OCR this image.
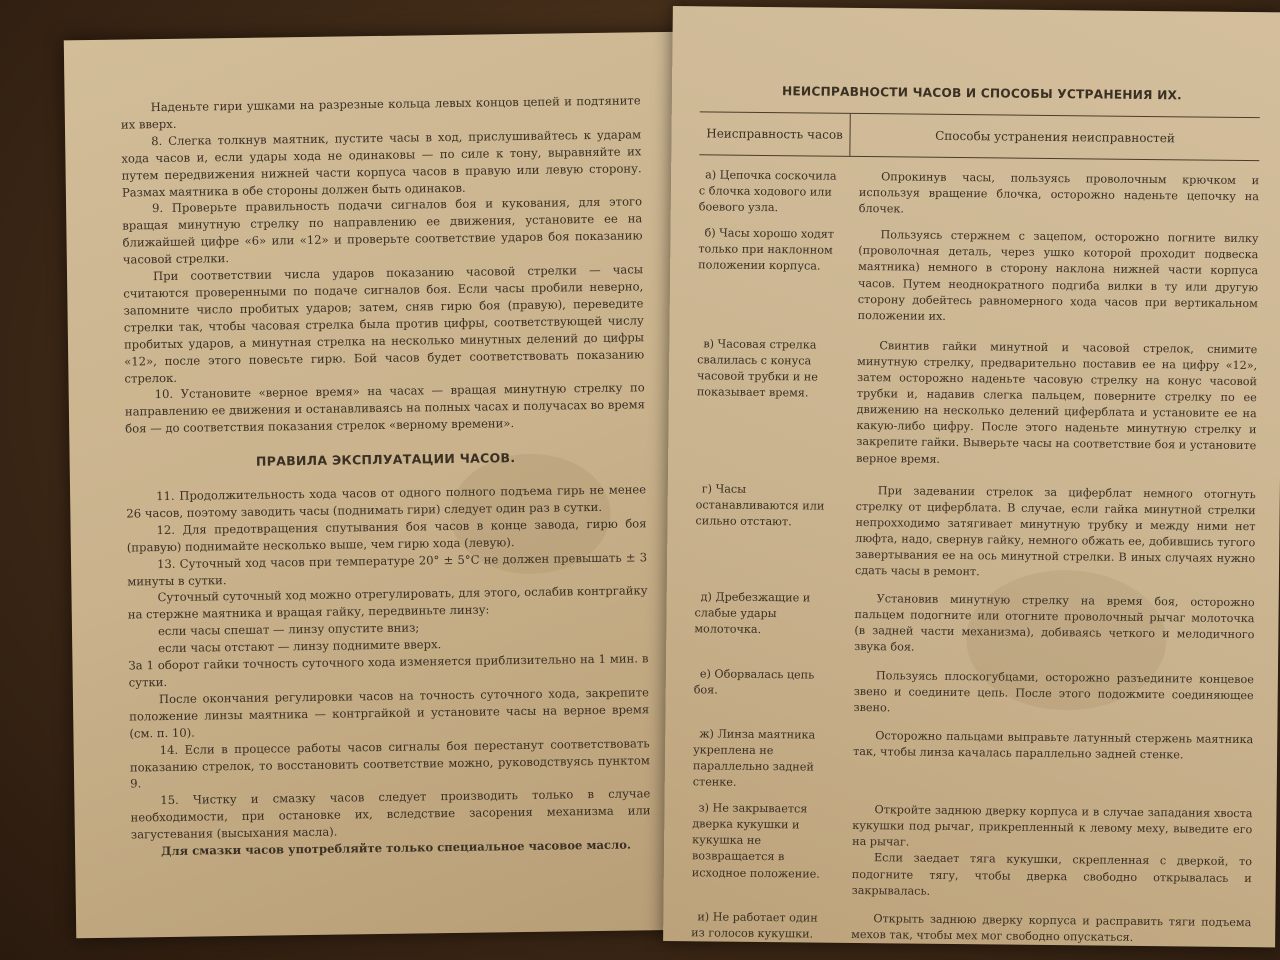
Наденьте гири ушками на разрезные кольца левых концов цепей и подтяните их вверх.

8. Слегка толкнув маятник, пустите часы в ход, прислушивайтесь к ударам хода часов и, если удары хода не одинаковы — по силе к тону, выравняйте их путем передвижения нижней части корпуса часов в правую или левую сторону. Размах маятника в обе стороны должен быть одинаков.

9. Проверьте правильность подачи сигналов боя и кукования, для этого вращая минутную стрелку по направлению ее движения, установите ее на ближайшей цифре «6» или «12» и проверьте соответствие ударов боя показанию часовой стрелки.

При соответствии числа ударов показанию часовой стрелки — часы считаются проверенными по подаче сигналов боя. Если часы пробили неверно, запомните число пробитых ударов; затем, сняв гирю боя (правую), переведите стрелки так, чтобы часовая стрелка была против цифры, соответствующей числу пробитых ударов, а минутная стрелка на несколько минутных делений до цифры «12», после этого повесьте гирю. Бой часов будет соответствовать показанию стрелок.

10. Установите «верное время» на часах — вращая минутную стрелку по направлению ее движения и останавливаясь на полных часах и получасах во время боя — до соответствия показания стрелок «верному времени».

ПРАВИЛА ЭКСПЛУАТАЦИИ ЧАСОВ.

11. Продолжительность хода часов от одного полного подъема гирь не менее 26 часов, поэтому заводить часы (поднимать гири) следует один раз в сутки.

12. Для предотвращения спутывания боя часов в конце завода, гирю боя (правую) поднимайте несколько выше, чем гирю хода (левую).

13. Суточный ход часов при температуре 20° ± 5°С не должен превышать ± 3 минуты в сутки.

Суточный суточный ход можно отрегулировать, для этого, ослабив контргайку на стержне маятника и вращая гайку, передвиньте линзу:

если часы спешат — линзу опустите вниз;

если часы отстают — линзу поднимите вверх.

За 1 оборот гайки точность суточного хода изменяется приблизительно на 1 мин. в сутки.

После окончания регулировки часов на точность суточного хода, закрепите положение линзы маятника — контргайкой и установите часы на верное время (см. п. 10).

14. Если в процессе работы часов сигналы боя перестанут соответствовать показанию стрелок, то восстановить соответствие можно, руководствуясь пунктом 9.

15. Чистку и смазку часов следует производить только в случае необходимости, при остановке их, вследствие засорения механизма или загустевания (высыхания масла).

Для смазки часов употребляйте только специальное часовое масло.

НЕИСПРАВНОСТИ ЧАСОВ И СПОСОБЫ УСТРАНЕНИЯ ИХ.
Неисправность часов	Способы устранения неисправностей

а) Цепочка соскочила с блочка ходового или боевого узла.

Опрокинув часы, пользуясь проволочным крючком и используя вращение блочка, осторожно наденьте цепочку на блочек.

б) Часы хорошо ходят только при наклонном положении корпуса.

Пользуясь стержнем с зацепом, осторожно погните вилку (проволочная деталь, через ушко которой проходит подвеска маятника) немного в сторону наклона нижней части корпуса часов. Путем неоднократного подгиба вилки в ту или другую сторону добейтесь равномерного хода часов при вертикальном положении их.

в) Часовая стрелка свалилась с конуса часовой трубки и не показывает время.

Свинтив гайки минутной и часовой стрелок, снимите минутную стрелку, предварительно поставив ее на цифру «12», затем осторожно наденьте часовую стрелку на конус часовой трубки и, надавив слегка пальцем, поверните стрелку по ее движению на несколько делений циферблата и установите ее на какую-либо цифру. После этого наденьте минутную стрелку и закрепите гайки. Выверьте часы на соответствие боя и установите верное время.

г) Часы останавливаются или сильно отстают.

При задевании стрелок за циферблат немного отогнуть стрелку от циферблата. В случае, если гайка минутной стрелки непрохходимо затягивает минутную трубку и между ними нет люфта, надо, свернув гайку, немного обжать ее, добившись тугого завертывания ее на ось минутной стрелки. В иных случаях нужно сдать часы в ремонт.

д) Дребезжащие и слабые удары молоточка.

Установив минутную стрелку на время боя, осторожно пальцем подогните или отогните проволочный рычаг молоточка (в задней части механизма), добиваясь четкого и мелодичного звука боя.

е) Оборвалась цепь боя.

Пользуясь плоскогубцами, осторожно разъедините концевое звено и соедините цепь. После этого подожмите соединяющее звено.

ж) Линза маятника укреплена не параллельно задней стенке.

Осторожно пальцами выправьте латунный стержень маятника так, чтобы линза качалась параллельно задней стенке.

з) Не закрывается дверка кукушки и кукушка не возвращается в исходное положение.

Откройте заднюю дверку корпуса и в случае западания хвоста кукушки под рычаг, прикрепленный к левому меху, выведите его на рычаг.

Если заедает тяга кукушки, скрепленная с дверкой, то подогните тягу, чтобы дверка свободно открывалась и закрывалась.

и) Не работает один из голосов кукушки.

Открыть заднюю дверку корпуса и расправить тяги подъема мехов так, чтобы мех мог свободно опускаться.
